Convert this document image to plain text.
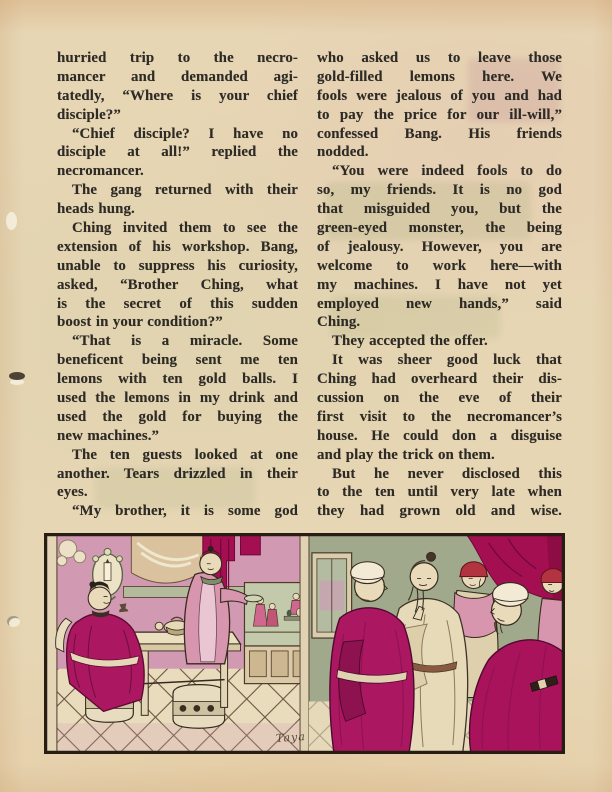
hurried trip to the necro-
mancer and demanded agi-
tatedly, “Where is your chief
disciple?”
“Chief disciple? I have no
disciple at all!” replied the
necromancer.
The gang returned with their
heads hung.
Ching invited them to see the
extension of his workshop. Bang,
unable to suppress his curiosity,
asked, “Brother Ching, what
is the secret of this sudden
boost in your condition?”
“That is a miracle. Some
beneficent being sent me ten
lemons with ten gold balls. I
used the lemons in my drink and
used the gold for buying the
new machines.”
The ten guests looked at one
another. Tears drizzled in their
eyes.
“My brother, it is some god
who asked us to leave those
gold-filled lemons here. We
fools were jealous of you and had
to pay the price for our ill-will,”
confessed Bang. His friends
nodded.
“You were indeed fools to do
so, my friends. It is no god
that misguided you, but the
green-eyed monster, the being
of jealousy. However, you are
welcome to work here—with
my machines. I have not yet
employed new hands,” said
Ching.
They accepted the offer.
It was sheer good luck that
Ching had overheard their dis-
cussion on the eve of their
first visit to the necromancer’s
house. He could don a disguise
and play the trick on them.
But he never disclosed this
to the ten until very late when
they had grown old and wise.
Taya
